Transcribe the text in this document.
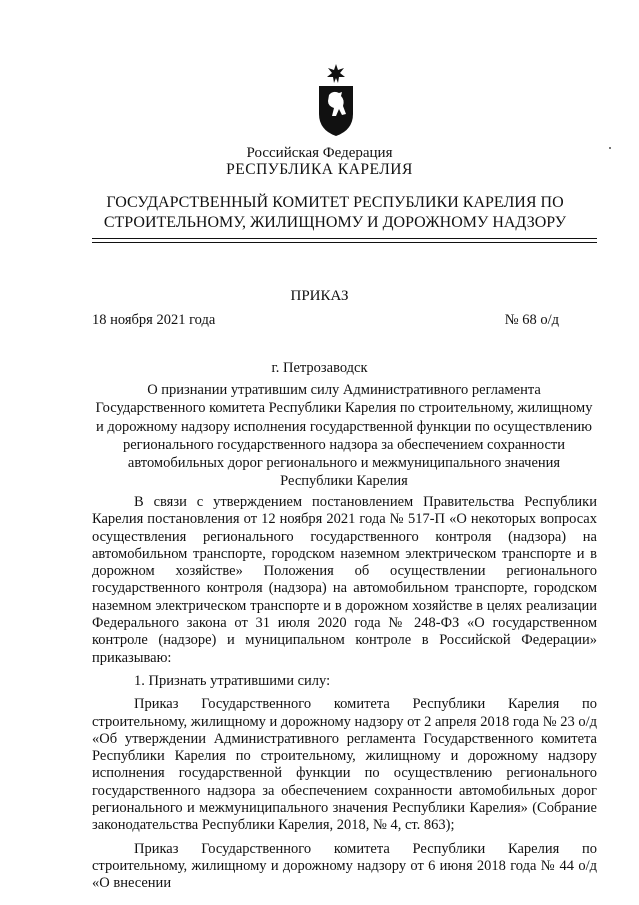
Российская Федерация
РЕСПУБЛИКА КАРЕЛИЯ
ГОСУДАРСТВЕННЫЙ КОМИТЕТ РЕСПУБЛИКИ КАРЕЛИЯ ПО СТРОИТЕЛЬНОМУ, ЖИЛИЩНОМУ И ДОРОЖНОМУ НАДЗОРУ
ПРИКАЗ
18 ноября 2021 года	№ 68 о/д
г. Петрозаводск
О признании утратившим силу Административного регламента Государственного комитета Республики Карелия по строительному, жилищному и дорожному надзору исполнения государственной функции по осуществлению регионального государственного надзора за обеспечением сохранности автомобильных дорог регионального и межмуниципального значения Республики Карелия

В связи с утверждением постановлением Правительства Республики Карелия постановления от 12 ноября 2021 года № 517-П «О некоторых вопросах осуществления регионального государственного контроля (надзора) на автомобильном транспорте, городском наземном электрическом транспорте и в дорожном хозяйстве» Положения об осуществлении регионального государственного контроля (надзора) на автомобильном транспорте, городском наземном электрическом транспорте и в дорожном хозяйстве в целях реализации Федерального закона от 31 июля 2020 года № 248-ФЗ «О государственном контроле (надзоре) и муниципальном контроле в Российской Федерации» приказываю:

1. Признать утратившими силу:

Приказ Государственного комитета Республики Карелия по строительному, жилищному и дорожному надзору от 2 апреля 2018 года № 23 о/д «Об утверждении Административного регламента Государственного комитета Республики Карелия по строительному, жилищному и дорожному надзору исполнения государственной функции по осуществлению регионального государственного надзора за обеспечением сохранности автомобильных дорог регионального и межмуниципального значения Республики Карелия» (Собрание законодательства Республики Карелия, 2018, № 4, ст. 863);

Приказ Государственного комитета Республики Карелия по строительному, жилищному и дорожному надзору от 6 июня 2018 года № 44 о/д «О внесении
